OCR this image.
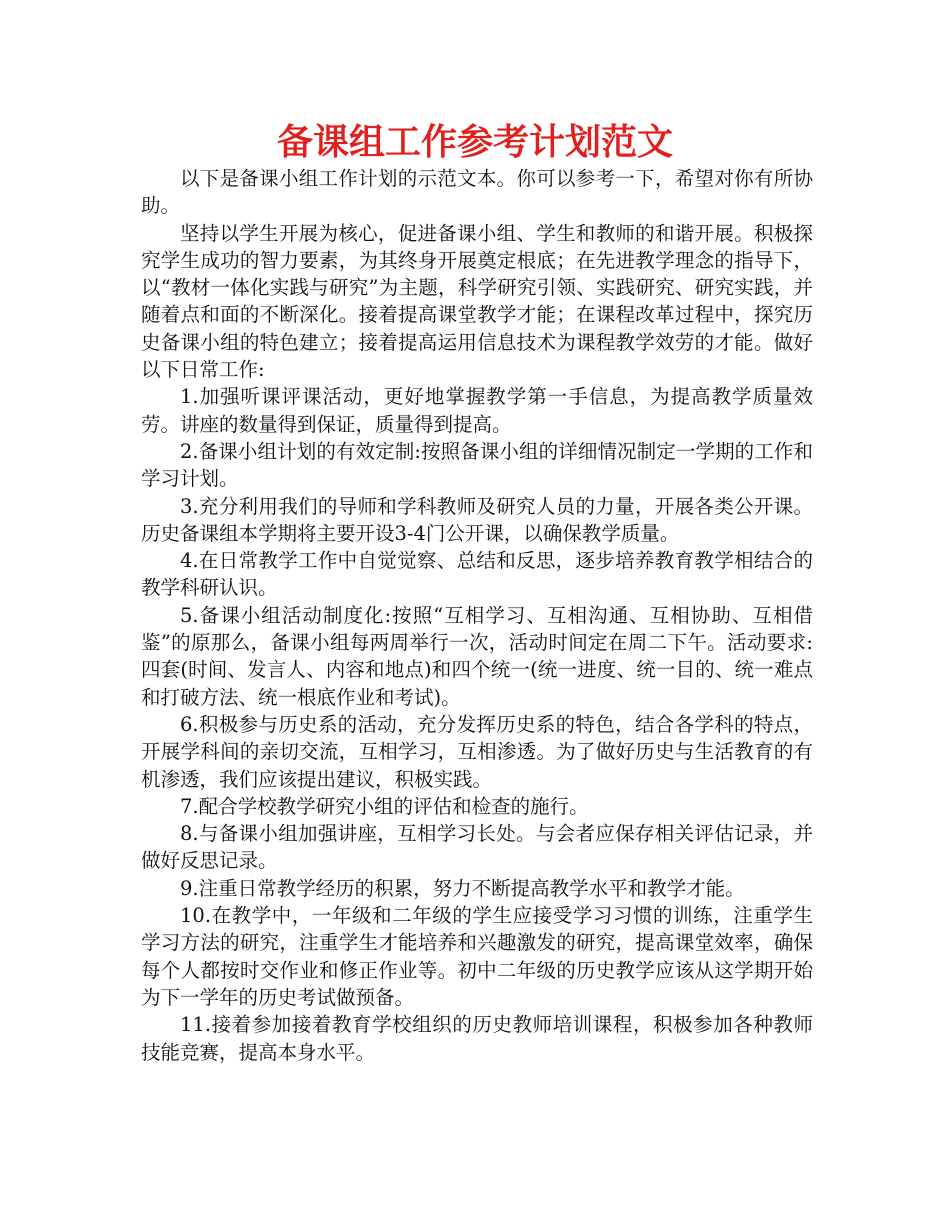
备课组工作参考计划范文

以下是备课小组工作计划的示范文本。你可以参考一下，希望对你有所协助。

坚持以学生开展为核心，促进备课小组、学生和教师的和谐开展。积极探究学生成功的智力要素，为其终身开展奠定根底；在先进教学理念的指导下，以“教材一体化实践与研究”为主题，科学研究引领、实践研究、研究实践，并随着点和面的不断深化。接着提高课堂教学才能；在课程改革过程中，探究历史备课小组的特色建立；接着提高运用信息技术为课程教学效劳的才能。做好以下日常工作:

1.加强听课评课活动，更好地掌握教学第一手信息，为提高教学质量效劳。讲座的数量得到保证，质量得到提高。

2.备课小组计划的有效定制:按照备课小组的详细情况制定一学期的工作和学习计划。

3.充分利用我们的导师和学科教师及研究人员的力量，开展各类公开课。历史备课组本学期将主要开设3-4门公开课，以确保教学质量。

4.在日常教学工作中自觉觉察、总结和反思，逐步培养教育教学相结合的教学科研认识。

5.备课小组活动制度化:按照“互相学习、互相沟通、互相协助、互相借鉴”的原那么，备课小组每两周举行一次，活动时间定在周二下午。活动要求:四套(时间、发言人、内容和地点)和四个统一(统一进度、统一目的、统一难点和打破方法、统一根底作业和考试)。

6.积极参与历史系的活动，充分发挥历史系的特色，结合各学科的特点，开展学科间的亲切交流，互相学习，互相渗透。为了做好历史与生活教育的有机渗透，我们应该提出建议，积极实践。

7.配合学校教学研究小组的评估和检查的施行。

8.与备课小组加强讲座，互相学习长处。与会者应保存相关评估记录，并做好反思记录。

9.注重日常教学经历的积累，努力不断提高教学水平和教学才能。

10.在教学中，一年级和二年级的学生应接受学习习惯的训练，注重学生学习方法的研究，注重学生才能培养和兴趣激发的研究，提高课堂效率，确保每个人都按时交作业和修正作业等。初中二年级的历史教学应该从这学期开始为下一学年的历史考试做预备。

11.接着参加接着教育学校组织的历史教师培训课程，积极参加各种教师技能竞赛，提高本身水平。
